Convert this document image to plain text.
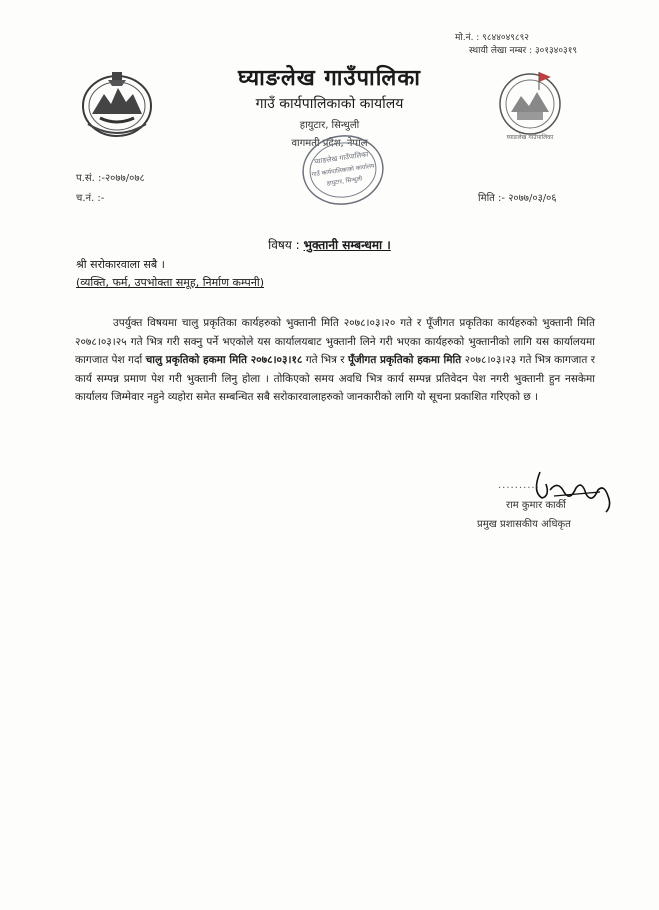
घ्याङलेख गाउँपालिका
मो.नं. : ९८४४०४९८९२
स्थायी लेखा नम्बर : ३०१३४०३१९
घ्याङलेख गाउँपालिका
गाउँ कार्यपालिकाको कार्यालय
हायुटार, सिन्धुली
वागमती प्रदेश, नेपाल
घ्याङलेख गाउँपालिका
गाउँ कार्यपालिकाको कार्यालय
हायुटार, सिन्धुली
प.सं. :-२०७७/०७८
च.नं. :-	मिति :- २०७७/०३/०६
विषय : भुक्तानी सम्बन्धमा ।
श्री सरोकारवाला सबै ।
(व्यक्ति, फर्म, उपभोक्ता समूह, निर्माण कम्पनी)
उपर्युक्त विषयमा चालु प्रकृतिका कार्यहरुको भुक्तानी मिति २०७८।०३।२० गते र पूँजीगत प्रकृतिका कार्यहरुको भुक्तानी मिति २०७८।०३।२५ गते भित्र गरी सक्नु पर्ने भएकोले यस कार्यालयबाट भुक्तानी लिने गरी भएका कार्यहरुको भुक्तानीको लागि यस कार्यालयमा कागजात पेश गर्दा चालु प्रकृतिको हकमा मिति २०७८।०३।१८ गते भित्र र पूँजीगत प्रकृतिको हकमा मिति २०७८।०३।२३ गते भित्र कागजात र कार्य सम्पन्न प्रमाण पेश गरी भुक्तानी लिनु होला । तोकिएको समय अवधि भित्र कार्य सम्पन्न प्रतिवेदन पेश नगरी भुक्तानी हुन नसकेमा कार्यालय जिम्मेवार नहुने व्यहोरा समेत सम्बन्धित सबै सरोकारवालाहरुको जानकारीको लागि यो सूचना प्रकाशित गरिएको छ ।
..........
राम कुमार कार्की
प्रमुख प्रशासकीय अधिकृत
